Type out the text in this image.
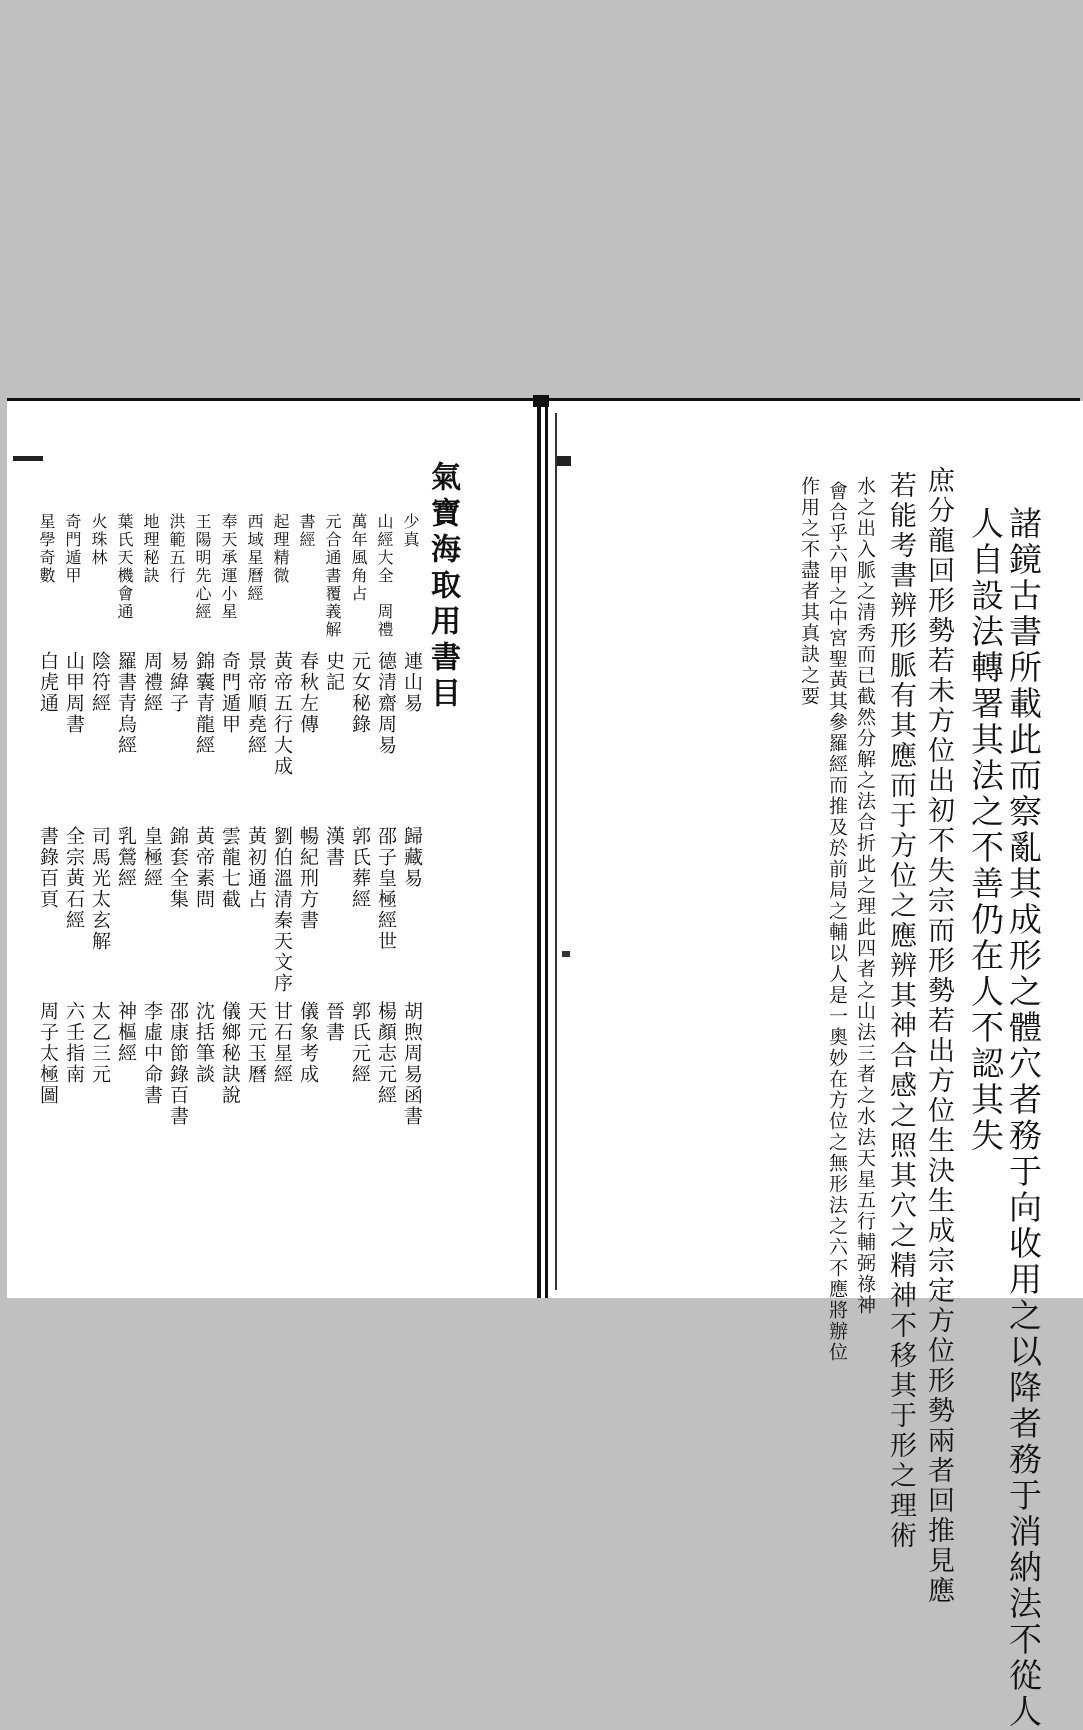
氣寶海取用書目	諸鏡古書所載此而察亂其成形之體穴者務于向收用之以降者務于消納法不從人
人自設法轉署其法之不善仍在人不認其失
庶分龍回形勢若未方位出初不失宗而形勢若出方位生決生成宗定方位形勢兩者回推見應
若能考書辨形脈有其應而于方位之應辨其神合感之照其穴之精神不移其于形之理術
水之出入脈之清秀而已截然分解之法合折此之理此四者之山法三者之水法天星五行輔弼祿神
會合乎六甲之中宮聖黃其參羅經而推及於前局之輔以人是一奧妙在方位之無形法之六不應將辦位
作用之不盡者其真訣之要
連山易
歸藏易
胡煦周易函書
德清齋周易
邵子皇極經世
楊顏志元經
元女秘錄
郭氏葬經
郭氏元經
史記
漢書
晉書
春秋左傳
暢紀刑方書
儀象考成
黃帝五行大成
劉伯溫清秦天文序
甘石星經
景帝順堯經
黃初通占
天元玉曆
奇門遁甲
雲龍七截
儀鄉秘訣說
錦囊青龍經
黃帝素問
沈括筆談
易緯子
錦套全集
邵康節錄百書
周禮經
皇極經
李虛中命書
羅書青烏經
乳鶯經
神樞經
陰符經
司馬光太玄解
太乙三元
山甲周書
全宗黃石經
六壬指南
白虎通
書錄百頁
周子太極圖
少真
山經大全　周禮
萬年風角占
元合通書覆義解
書經
起理精微
西域星曆經
奉天承運小星
王陽明先心經
洪範五行
地理秘訣
葉氏天機會通
火珠林
奇門遁甲
星學奇數
